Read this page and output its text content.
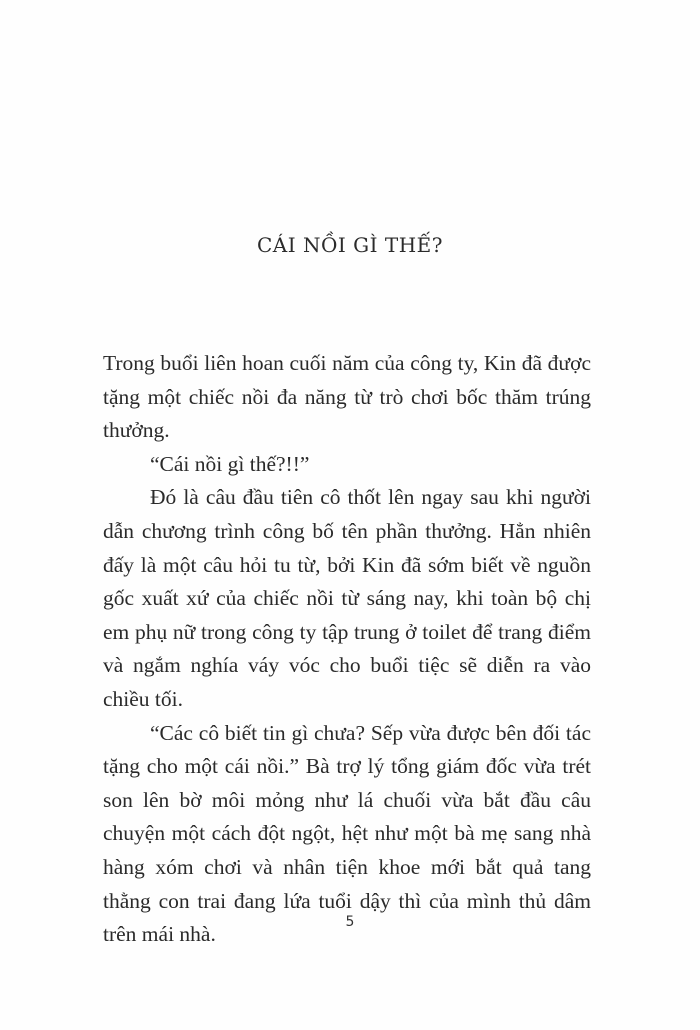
CÁI NỒI GÌ THẾ?

Trong buổi liên hoan cuối năm của công ty, Kin đã được tặng một chiếc nồi đa năng từ trò chơi bốc thăm trúng thưởng.

“Cái nồi gì thế?!!”

Đó là câu đầu tiên cô thốt lên ngay sau khi người dẫn chương trình công bố tên phần thưởng. Hẳn nhiên đấy là một câu hỏi tu từ, bởi Kin đã sớm biết về nguồn gốc xuất xứ của chiếc nồi từ sáng nay, khi toàn bộ chị em phụ nữ trong công ty tập trung ở toilet để trang điểm và ngắm nghía váy vóc cho buổi tiệc sẽ diễn ra vào chiều tối.

“Các cô biết tin gì chưa? Sếp vừa được bên đối tác tặng cho một cái nồi.” Bà trợ lý tổng giám đốc vừa trét son lên bờ môi mỏng như lá chuối vừa bắt đầu câu chuyện một cách đột ngột, hệt như một bà mẹ sang nhà hàng xóm chơi và nhân tiện khoe mới bắt quả tang thằng con trai đang lứa tuổi dậy thì của mình thủ dâm trên mái nhà.

5
